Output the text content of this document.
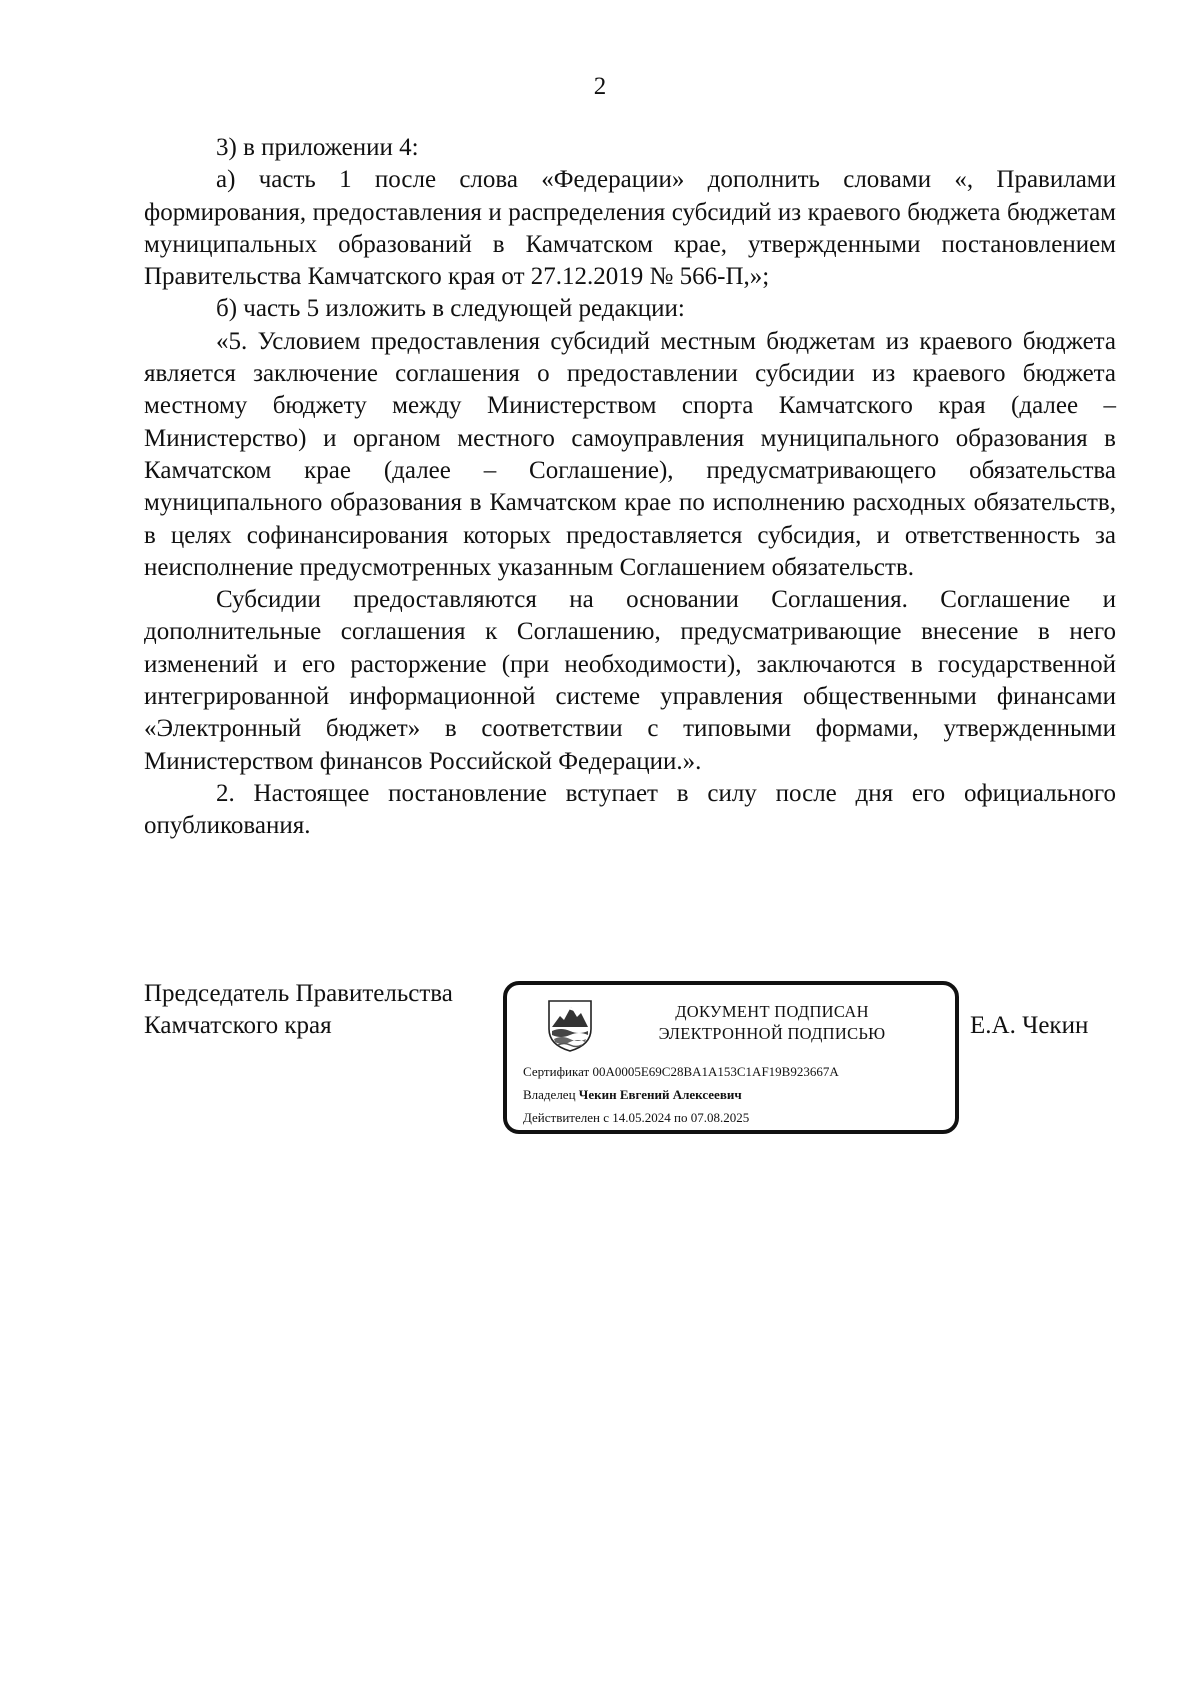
2

3) в приложении 4:

а) часть 1 после слова «Федерации» дополнить словами «, Правилами формирования, предоставления и распределения субсидий из краевого бюджета бюджетам муниципальных образований в Камчатском крае, утвержденными постановлением Правительства Камчатского края от 27.12.2019 № 566-П,»;

б) часть 5 изложить в следующей редакции:

«5. Условием предоставления субсидий местным бюджетам из краевого бюджета является заключение соглашения о предоставлении субсидии из краевого бюджета местному бюджету между Министерством спорта Камчатского края (далее – Министерство) и органом местного самоуправления муниципального образования в Камчатском крае (далее – Соглашение), предусматривающего обязательства муниципального образования в Камчатском крае по исполнению расходных обязательств, в целях софинансирования которых предоставляется субсидия, и ответственность за неисполнение предусмотренных указанным Соглашением обязательств.

Субсидии предоставляются на основании Соглашения. Соглашение и дополнительные соглашения к Соглашению, предусматривающие внесение в него изменений и его расторжение (при необходимости), заключаются в государственной интегрированной информационной системе управления общественными финансами «Электронный бюджет» в соответствии с типовыми формами, утвержденными Министерством финансов Российской Федерации.».

2. Настоящее постановление вступает в силу после дня его официального опубликования.

Председатель Правительства
Камчатского края
ДОКУМЕНТ ПОДПИСАН
ЭЛЕКТРОННОЙ ПОДПИСЬЮ
Сертификат 00A0005E69C28BA1A153C1AF19B923667A
Владелец Чекин Евгений Алексеевич
Действителен с 14.05.2024 по 07.08.2025
Е.А. Чекин
